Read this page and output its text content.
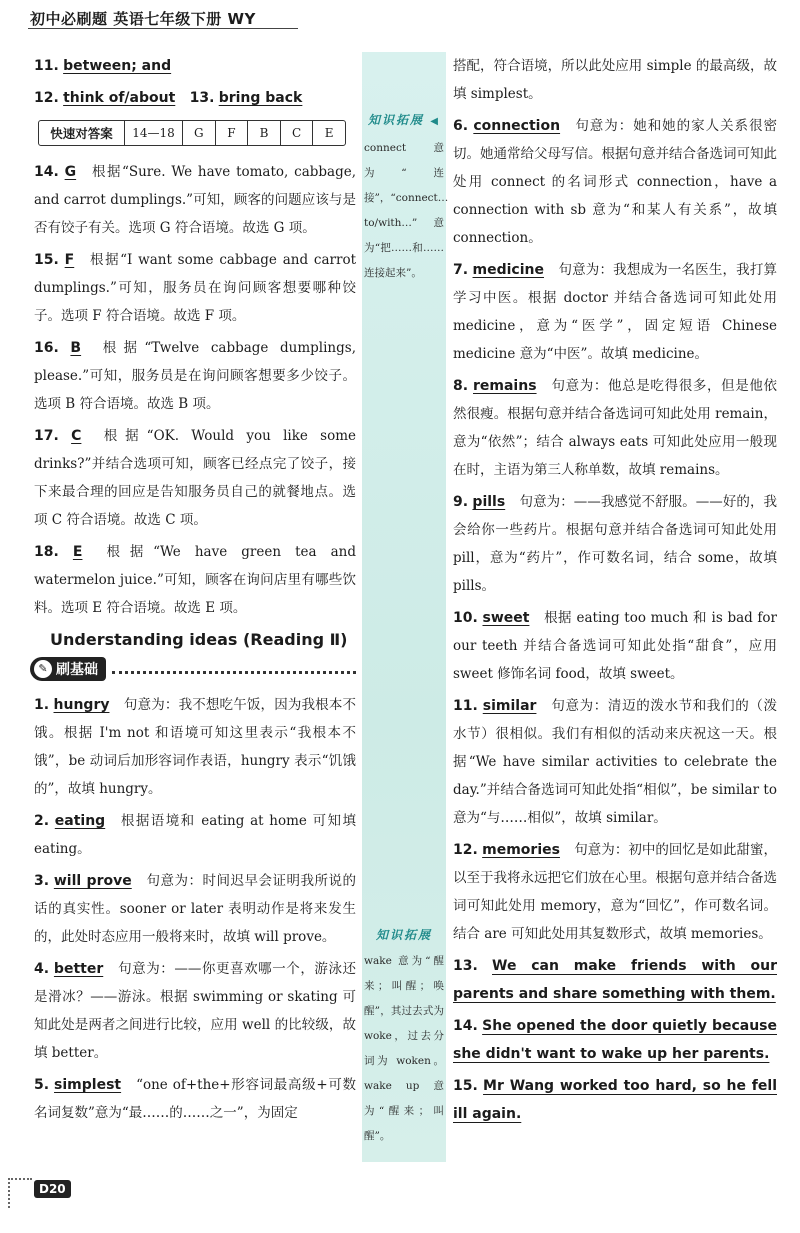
初中必刷题 英语七年级下册 WY
11. between; and
12. think of/about 13. bring back
快速对答案	14—18	G	F	B	C	E
14. G 根据“Sure. We have tomato, cabbage, and carrot dumplings.”可知，顾客的问题应该与是否有饺子有关。选项 G 符合语境。故选 G 项。
15. F 根据“I want some cabbage and carrot dumplings.”可知，服务员在询问顾客想要哪种饺子。选项 F 符合语境。故选 F 项。
16. B 根据“Twelve cabbage dumplings, please.”可知，服务员是在询问顾客想要多少饺子。选项 B 符合语境。故选 B 项。
17. C 根据“OK. Would you like some drinks?”并结合选项可知，顾客已经点完了饺子，接下来最合理的回应是告知服务员自己的就餐地点。选项 C 符合语境。故选 C 项。
18. E 根据“We have green tea and watermelon juice.”可知，顾客在询问店里有哪些饮料。选项 E 符合语境。故选 E 项。
Understanding ideas (Reading Ⅱ)
✎ 刷基础
1. hungry 句意为：我不想吃午饭，因为我根本不饿。根据 I'm not 和语境可知这里表示“我根本不饿”，be 动词后加形容词作表语，hungry 表示“饥饿的”，故填 hungry。
2. eating 根据语境和 eating at home 可知填 eating。
3. will prove 句意为：时间迟早会证明我所说的话的真实性。sooner or later 表明动作是将来发生的，此处时态应用一般将来时，故填 will prove。
4. better 句意为：——你更喜欢哪一个，游泳还是滑冰？——游泳。根据 swimming or skating 可知此处是两者之间进行比较，应用 well 的比较级，故填 better。
5. simplest “one of+the+形容词最高级+可数名词复数”意为“最……的……之一”，为固定
知识拓展 ◀
connect 意为“连接”，“connect…to/with…”意为“把……和……连接起来”。
知识拓展
wake 意为“醒来；叫醒；唤醒”，其过去式为 woke，过去分词为 woken。wake up 意为“醒来；叫醒”。
搭配，符合语境，所以此处应用 simple 的最高级，故填 simplest。
6. connection 句意为：她和她的家人关系很密切。她通常给父母写信。根据句意并结合备选词可知此处用 connect 的名词形式 connection，have a connection with sb 意为“和某人有关系”，故填 connection。
7. medicine 句意为：我想成为一名医生，我打算学习中医。根据 doctor 并结合备选词可知此处用 medicine，意为“医学”，固定短语 Chinese medicine 意为“中医”。故填 medicine。
8. remains 句意为：他总是吃得很多，但是他依然很瘦。根据句意并结合备选词可知此处用 remain，意为“依然”；结合 always eats 可知此处应用一般现在时，主语为第三人称单数，故填 remains。
9. pills 句意为：——我感觉不舒服。——好的，我会给你一些药片。根据句意并结合备选词可知此处用 pill，意为“药片”，作可数名词，结合 some，故填 pills。
10. sweet 根据 eating too much 和 is bad for our teeth 并结合备选词可知此处指“甜食”，应用 sweet 修饰名词 food，故填 sweet。
11. similar 句意为：清迈的泼水节和我们的（泼水节）很相似。我们有相似的活动来庆祝这一天。根据“We have similar activities to celebrate the day.”并结合备选词可知此处指“相似”，be similar to 意为“与……相似”，故填 similar。
12. memories 句意为：初中的回忆是如此甜蜜，以至于我将永远把它们放在心里。根据句意并结合备选词可知此处用 memory，意为“回忆”，作可数名词。结合 are 可知此处用其复数形式，故填 memories。
13. We can make friends with our parents and share something with them.
14. She opened the door quietly because she didn't want to wake up her parents.
15. Mr Wang worked too hard, so he fell ill again.
D20
